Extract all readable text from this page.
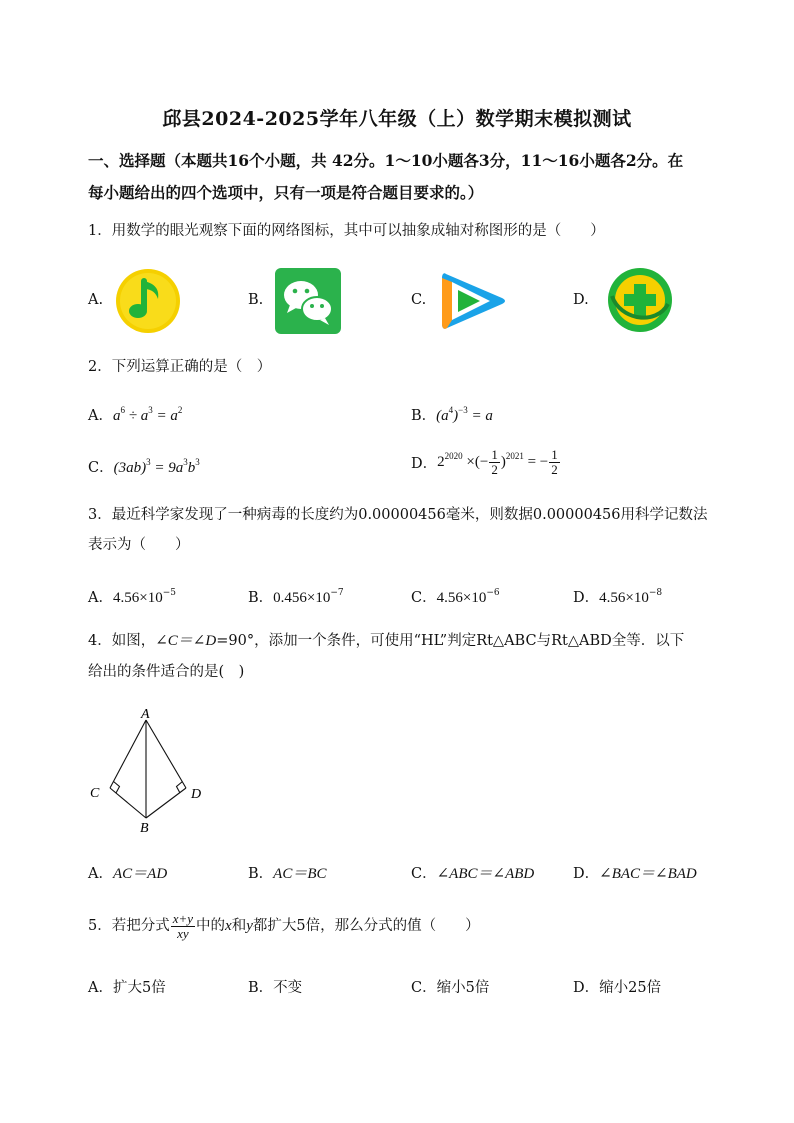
邱县2024-2025学年八年级（上）数学期末模拟测试
一、选择题（本题共16个小题，共 42分。1～10小题各3分，11～16小题各2分。在
每小题给出的四个选项中，只有一项是符合题目要求的。）
1．用数学的眼光观察下面的网络图标，其中可以抽象成轴对称图形的是（　　）
A.	B.	C.	D.
2．下列运算正确的是（　）
A．$a^6 \div a^3 = a^2$	B．$(a^4)^{-3} = a$
C．$(3ab)^3 = 9a^3b^3$	D．$2^{2020}$ ×(− $\frac{1}{2} )^{2021}$ = − $\frac{1}{2}$
3．最近科学家发现了一种病毒的长度约为0.00000456毫米，则数据0.00000456用科学记数法
表示为（　　）
A．$4.56\times 10^{-5}$	B．$0.456\times 10^{-7}$	C．$4.56\times 10^{-6}$	D．$4.56\times 10^{-8}$
4．如图，∠C＝∠D=90°，添加一个条件，可使用“HL”判定Rt△ABC与Rt△ABD全等．以下
给出的条件适合的是(　)
A
C	D
B
A．AC＝AD	B．AC＝BC	C．∠ABC＝∠ABD	D．∠BAC＝∠BAD
5．若把分式 $\frac{x+y}{xy}$ 中的x和y都扩大5倍，那么分式的值（　　）
A．扩大5倍	B．不变	C．缩小5倍	D．缩小25倍
